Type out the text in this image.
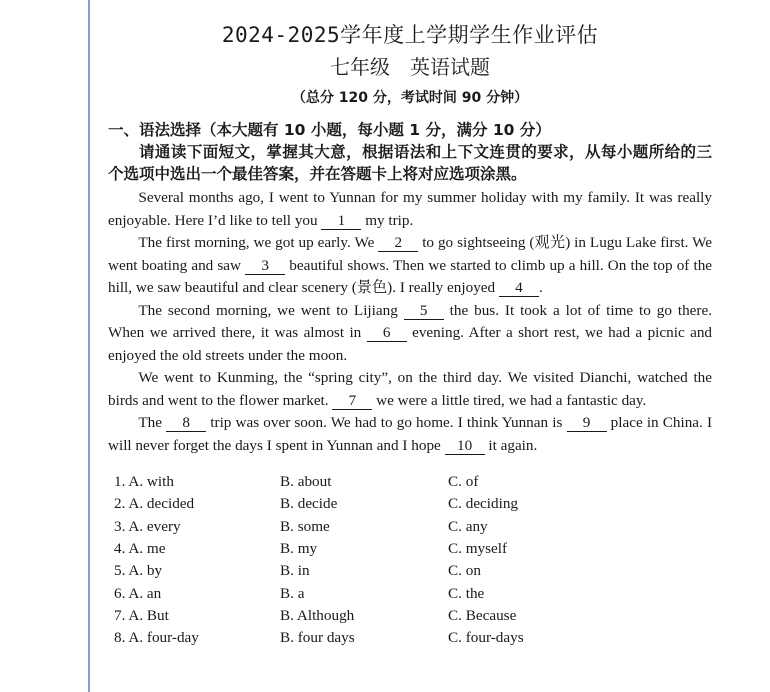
2024-2025学年度上学期学生作业评估
七年级　英语试题
（总分 120 分，考试时间 90 分钟）
一、语法选择（本大题有 10 小题，每小题 1 分，满分 10 分）
请通读下面短文，掌握其大意，根据语法和上下文连贯的要求，从每小题所给的三个选项中选出一个最佳答案，并在答题卡上将对应选项涂黑。

Several months ago, I went to Yunnan for my summer holiday with my family. It was really enjoyable. Here I’d like to tell you 1 my trip.

The first morning, we got up early. We 2 to go sightseeing (观光) in Lugu Lake first. We went boating and saw 3 beautiful shows. Then we started to climb up a hill. On the top of the hill, we saw beautiful and clear scenery (景色). I really enjoyed 4 .

The second morning, we went to Lijiang 5 the bus. It took a lot of time to go there. When we arrived there, it was almost in 6 evening. After a short rest, we had a picnic and enjoyed the old streets under the moon.

We went to Kunming, the “spring city”, on the third day. We visited Dianchi, watched the birds and went to the flower market. 7 we were a little tired, we had a fantastic day.

The 8 trip was over soon. We had to go home. I think Yunnan is 9 place in China. I will never forget the days I spent in Yunnan and I hope 10 it again.

1. A. with	B. about	C. of
2. A. decided	B. decide	C. deciding
3. A. every	B. some	C. any
4. A. me	B. my	C. myself
5. A. by	B. in	C. on
6. A. an	B. a	C. the
7. A. But	B. Although	C. Because
8. A. four-day	B. four days	C. four-days
